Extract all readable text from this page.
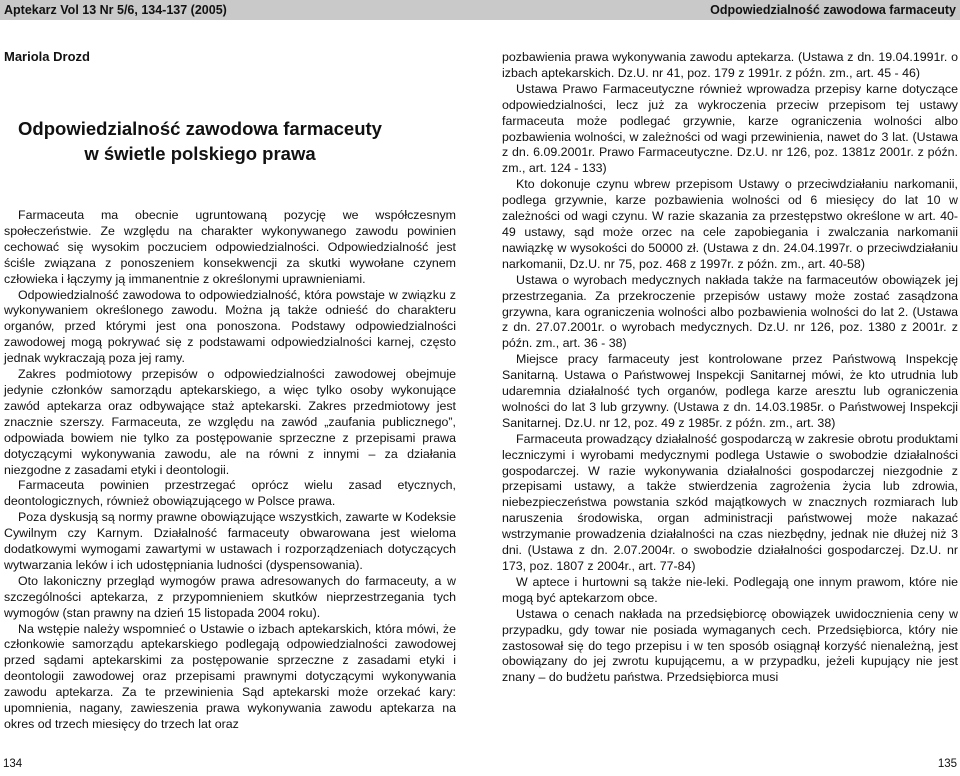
Aptekarz Vol 13 Nr 5/6, 134-137 (2005)	Odpowiedzialność zawodowa farmaceuty
Mariola Drozd
Odpowiedzialność zawodowa farmaceuty
w świetle polskiego prawa

Farmaceuta ma obecnie ugruntowaną pozycję we współczesnym społeczeństwie. Ze względu na charakter wykonywanego zawodu powinien cechować się wysokim poczuciem odpowiedzialności. Odpowiedzialność jest ściśle związana z ponoszeniem konsekwencji za skutki wywołane czynem człowieka i łączymy ją immanentnie z określonymi uprawnieniami.

Odpowiedzialność zawodowa to odpowiedzialność, która powstaje w związku z wykonywaniem określonego zawodu. Można ją także odnieść do charakteru organów, przed którymi jest ona ponoszona. Podstawy odpowiedzialności zawodowej mogą pokrywać się z podstawami odpowiedzialności karnej, często jednak wykraczają poza jej ramy.

Zakres podmiotowy przepisów o odpowiedzialności zawodowej obejmuje jedynie członków samorządu aptekarskiego, a więc tylko osoby wykonujące zawód aptekarza oraz odbywające staż aptekarski. Zakres przedmiotowy jest znacznie szerszy. Farmaceuta, ze względu na zawód „zaufania publicznego”, odpowiada bowiem nie tylko za postępowanie sprzeczne z przepisami prawa dotyczącymi wykonywania zawodu, ale na równi z innymi – za działania niezgodne z zasadami etyki i deontologii.

Farmaceuta powinien przestrzegać oprócz wielu zasad etycznych, deontologicznych, również obowiązującego w Polsce prawa.

Poza dyskusją są normy prawne obowiązujące wszystkich, zawarte w Kodeksie Cywilnym czy Karnym. Działalność farmaceuty obwarowana jest wieloma dodatkowymi wymogami zawartymi w ustawach i rozporządzeniach dotyczących wytwarzania leków i ich udostępniania ludności (dyspensowania).

Oto lakoniczny przegląd wymogów prawa adresowanych do farmaceuty, a w szczególności aptekarza, z przypomnieniem skutków nieprzestrzegania tych wymogów (stan prawny na dzień 15 listopada 2004 roku).

Na wstępie należy wspomnieć o Ustawie o izbach aptekarskich, która mówi, że członkowie samorządu aptekarskiego podlegają odpowiedzialności zawodowej przed sądami aptekarskimi za postępowanie sprzeczne z zasadami etyki i deontologii zawodowej oraz przepisami prawnymi dotyczącymi wykonywania zawodu aptekarza. Za te przewinienia Sąd aptekarski może orzekać kary: upomnienia, nagany, zawieszenia prawa wykonywania zawodu aptekarza na okres od trzech miesięcy do trzech lat oraz

pozbawienia prawa wykonywania zawodu aptekarza. (Ustawa z dn. 19.04.1991r. o izbach aptekarskich. Dz.U. nr 41, poz. 179 z 1991r. z późn. zm., art. 45 - 46)

Ustawa Prawo Farmaceutyczne również wprowadza przepisy karne dotyczące odpowiedzialności, lecz już za wykroczenia przeciw przepisom tej ustawy farmaceuta może podlegać grzywnie, karze ograniczenia wolności albo pozbawienia wolności, w zależności od wagi przewinienia, nawet do 3 lat. (Ustawa z dn. 6.09.2001r. Prawo Farmaceutyczne. Dz.U. nr 126, poz. 1381z 2001r. z późn. zm., art. 124 - 133)

Kto dokonuje czynu wbrew przepisom Ustawy o przeciwdziałaniu narkomanii, podlega grzywnie, karze pozbawienia wolności od 6 miesięcy do lat 10 w zależności od wagi czynu. W razie skazania za przestępstwo określone w art. 40-49 ustawy, sąd może orzec na cele zapobiegania i zwalczania narkomanii nawiązkę w wysokości do 50000 zł. (Ustawa z dn. 24.04.1997r. o przeciwdziałaniu narkomanii, Dz.U. nr 75, poz. 468 z 1997r. z późn. zm., art. 40-58)

Ustawa o wyrobach medycznych nakłada także na farmaceutów obowiązek jej przestrzegania. Za przekroczenie przepisów ustawy może zostać zasądzona grzywna, kara ograniczenia wolności albo pozbawienia wolności do lat 2. (Ustawa z dn. 27.07.2001r. o wyrobach medycznych. Dz.U. nr 126, poz. 1380 z 2001r. z późn. zm., art. 36 - 38)

Miejsce pracy farmaceuty jest kontrolowane przez Państwową Inspekcję Sanitarną. Ustawa o Państwowej Inspekcji Sanitarnej mówi, że kto utrudnia lub udaremnia działalność tych organów, podlega karze aresztu lub ograniczenia wolności do lat 3 lub grzywny. (Ustawa z dn. 14.03.1985r. o Państwowej Inspekcji Sanitarnej. Dz.U. nr 12, poz. 49 z 1985r. z późn. zm., art. 38)

Farmaceuta prowadzący działalność gospodarczą w zakresie obrotu produktami leczniczymi i wyrobami medycznymi podlega Ustawie o swobodzie działalności gospodarczej. W razie wykonywania działalności gospodarczej niezgodnie z przepisami ustawy, a także stwierdzenia zagrożenia życia lub zdrowia, niebezpieczeństwa powstania szkód majątkowych w znacznych rozmiarach lub naruszenia środowiska, organ administracji państwowej może nakazać wstrzymanie prowadzenia działalności na czas niezbędny, jednak nie dłużej niż 3 dni. (Ustawa z dn. 2.07.2004r. o swobodzie działalności gospodarczej. Dz.U. nr 173, poz. 1807 z 2004r., art. 77-84)

W aptece i hurtowni są także nie-leki. Podlegają one innym prawom, które nie mogą być aptekarzom obce.

Ustawa o cenach nakłada na przedsiębiorcę obowiązek uwidocznienia ceny w przypadku, gdy towar nie posiada wymaganych cech. Przedsiębiorca, który nie zastosował się do tego przepisu i w ten sposób osiągnął korzyść nienależną, jest obowiązany do jej zwrotu kupującemu, a w przypadku, jeżeli kupujący nie jest znany – do budżetu państwa. Przedsiębiorca musi

134	135
